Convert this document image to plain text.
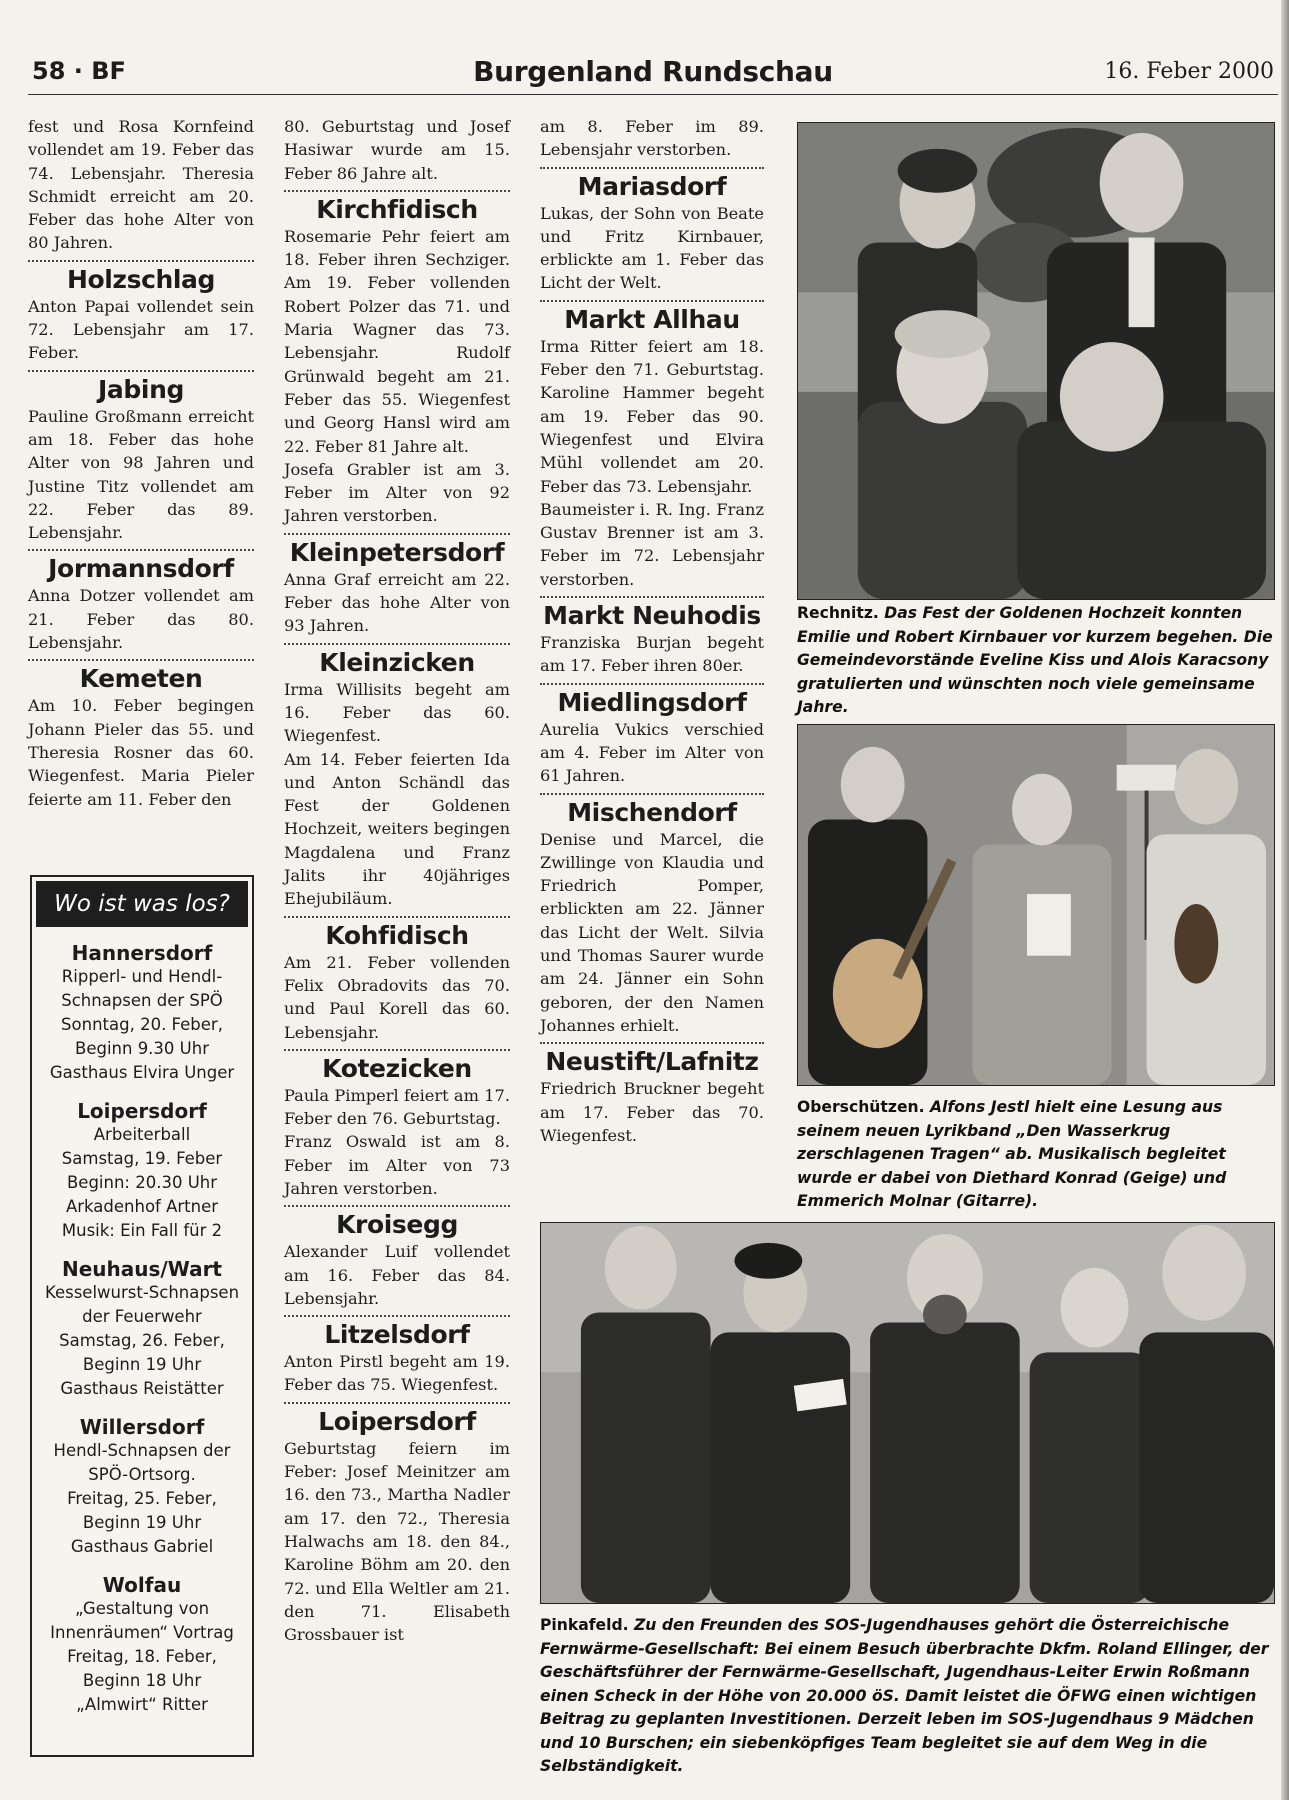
58 · BF	Burgenland Rundschau	16. Feber 2000

fest und Rosa Kornfeind vollendet am 19. Feber das 74. Lebensjahr. Theresia Schmidt erreicht am 20. Feber das hohe Alter von 80 Jahren.

Holzschlag

Anton Papai vollendet sein 72. Lebensjahr am 17. Feber.

Jabing

Pauline Großmann erreicht am 18. Feber das hohe Alter von 98 Jahren und Justine Titz vollendet am 22. Feber das 89. Lebensjahr.

Jormannsdorf

Anna Dotzer vollendet am 21. Feber das 80. Lebensjahr.

Kemeten

Am 10. Feber begingen Johann Pieler das 55. und Theresia Rosner das 60. Wiegenfest. Maria Pieler feierte am 11. Feber den

Wo ist was los?
Hannersdorf
Ripperl- und Hendl-
Schnapsen der SPÖ
Sonntag, 20. Feber,
Beginn 9.30 Uhr
Gasthaus Elvira Unger
Loipersdorf
Arbeiterball
Samstag, 19. Feber
Beginn: 20.30 Uhr
Arkadenhof Artner
Musik: Ein Fall für 2
Neuhaus/Wart
Kesselwurst-Schnapsen
der Feuerwehr
Samstag, 26. Feber,
Beginn 19 Uhr
Gasthaus Reistätter
Willersdorf
Hendl-Schnapsen der
SPÖ-Ortsorg.
Freitag, 25. Feber,
Beginn 19 Uhr
Gasthaus Gabriel
Wolfau
„Gestaltung von
Innenräumen“ Vortrag
Freitag, 18. Feber,
Beginn 18 Uhr
„Almwirt“ Ritter

80. Geburtstag und Josef Hasiwar wurde am 15. Feber 86 Jahre alt.

Kirchfidisch

Rosemarie Pehr feiert am 18. Feber ihren Sechziger. Am 19. Feber vollenden Robert Polzer das 71. und Maria Wagner das 73. Lebensjahr. Rudolf Grünwald begeht am 21. Feber das 55. Wiegenfest und Georg Hansl wird am 22. Feber 81 Jahre alt.

Josefa Grabler ist am 3. Feber im Alter von 92 Jahren verstorben.

Kleinpetersdorf

Anna Graf erreicht am 22. Feber das hohe Alter von 93 Jahren.

Kleinzicken

Irma Willisits begeht am 16. Feber das 60. Wiegenfest.

Am 14. Feber feierten Ida und Anton Schändl das Fest der Goldenen Hochzeit, weiters begingen Magdalena und Franz Jalits ihr 40jähriges Ehejubiläum.

Kohfidisch

Am 21. Feber vollenden Felix Obradovits das 70. und Paul Korell das 60. Lebensjahr.

Kotezicken

Paula Pimperl feiert am 17. Feber den 76. Geburtstag.

Franz Oswald ist am 8. Feber im Alter von 73 Jahren verstorben.

Kroisegg

Alexander Luif vollendet am 16. Feber das 84. Lebensjahr.

Litzelsdorf

Anton Pirstl begeht am 19. Feber das 75. Wiegenfest.

Loipersdorf

Geburtstag feiern im Feber: Josef Meinitzer am 16. den 73., Martha Nadler am 17. den 72., Theresia Halwachs am 18. den 84., Karoline Böhm am 20. den 72. und Ella Weltler am 21. den 71. Elisabeth Grossbauer ist

am 8. Feber im 89. Lebensjahr verstorben.

Mariasdorf

Lukas, der Sohn von Beate und Fritz Kirnbauer, erblickte am 1. Feber das Licht der Welt.

Markt Allhau

Irma Ritter feiert am 18. Feber den 71. Geburtstag. Karoline Hammer begeht am 19. Feber das 90. Wiegenfest und Elvira Mühl vollendet am 20. Feber das 73. Lebensjahr.

Baumeister i. R. Ing. Franz Gustav Brenner ist am 3. Feber im 72. Lebensjahr verstorben.

Markt Neuhodis

Franziska Burjan begeht am 17. Feber ihren 80er.

Miedlingsdorf

Aurelia Vukics verschied am 4. Feber im Alter von 61 Jahren.

Mischendorf

Denise und Marcel, die Zwillinge von Klaudia und Friedrich Pomper, erblickten am 22. Jänner das Licht der Welt. Silvia und Thomas Saurer wurde am 24. Jänner ein Sohn geboren, der den Namen Johannes erhielt.

Neustift/Lafnitz

Friedrich Bruckner begeht am 17. Feber das 70. Wiegenfest.

Rechnitz. Das Fest der Goldenen Hochzeit konnten Emilie und Robert Kirnbauer vor kurzem begehen. Die Gemeindevorstände Eveline Kiss und Alois Karacsony gratulierten und wünschten noch viele gemeinsame Jahre.
Oberschützen. Alfons Jestl hielt eine Lesung aus seinem neuen Lyrikband „Den Wasserkrug zerschlagenen Tragen“ ab. Musikalisch begleitet wurde er dabei von Diethard Konrad (Geige) und Emmerich Molnar (Gitarre).
Pinkafeld. Zu den Freunden des SOS-Jugendhauses gehört die Österreichische Fernwärme-Gesellschaft: Bei einem Besuch überbrachte Dkfm. Roland Ellinger, der Geschäftsführer der Fernwärme-Gesellschaft, Jugendhaus-Leiter Erwin Roßmann einen Scheck in der Höhe von 20.000 öS. Damit leistet die ÖFWG einen wichtigen Beitrag zu geplanten Investitionen. Derzeit leben im SOS-Jugendhaus 9 Mädchen und 10 Burschen; ein siebenköpfiges Team begleitet sie auf dem Weg in die Selbständigkeit.
